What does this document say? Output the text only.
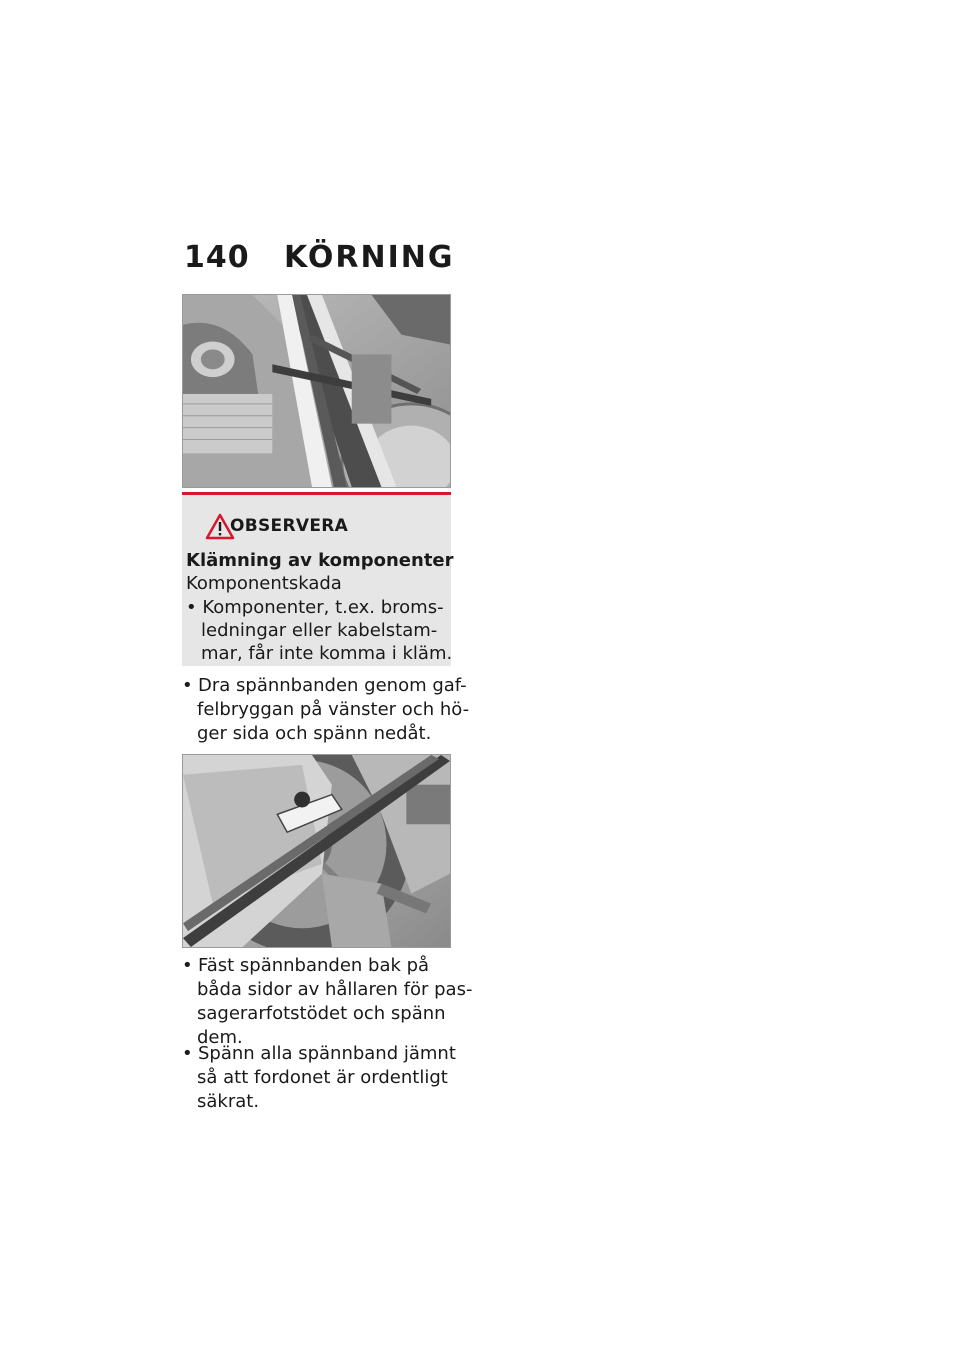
140 KÖRNING
OBSERVERA
Klämning av komponenter
Komponentskada
• Komponenter, t.ex. broms-
ledningar eller kabelstam-
mar, får inte komma i kläm.
• Dra spännbanden genom gaf-
felbryggan på vänster och hö-
ger sida och spänn nedåt.
• Fäst spännbanden bak på
båda sidor av hållaren för pas-
sagerarfotstödet och spänn
dem.
• Spänn alla spännband jämnt
så att fordonet är ordentligt
säkrat.
